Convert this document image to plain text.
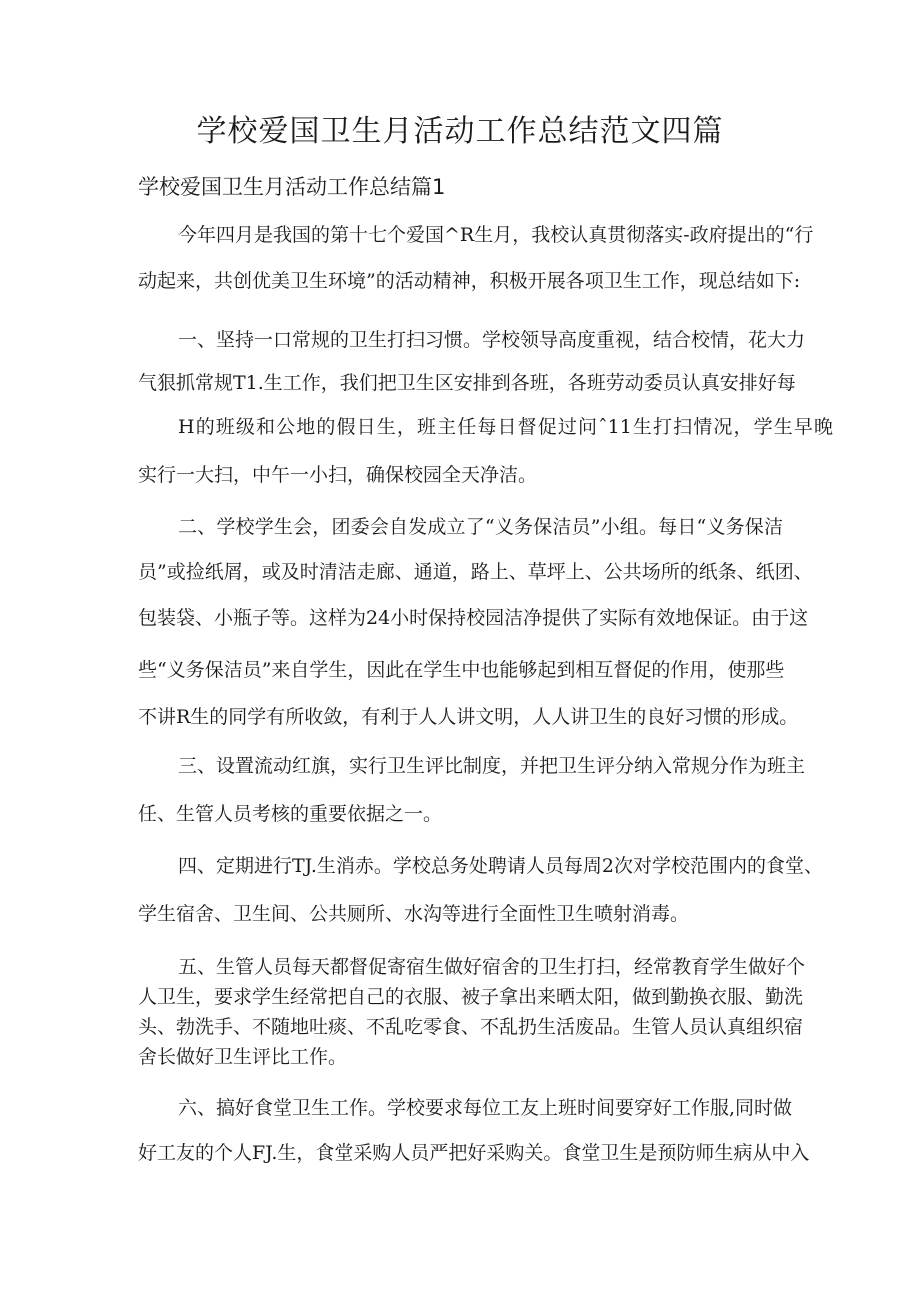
学校爱国卫生月活动工作总结范文四篇
学校爱国卫生月活动工作总结篇1
今年四月是我国的第十七个爱国^R生月，我校认真贯彻落实-政府提出的“行
动起来，共创优美卫生环境”的活动精神，积极开展各项卫生工作，现总结如下:
一、坚持一口常规的卫生打扫习惯。学校领导高度重视，结合校情，花大力
气狠抓常规T1.生工作，我们把卫生区安排到各班，各班劳动委员认真安排好每
H的班级和公地的假日生，班主任每日督促过问ˆ11生打扫情况，学生早晚
实行一大扫，中午一小扫，确保校园全天净洁。
二、学校学生会，团委会自发成立了“义务保洁员”小组。每日“义务保洁
员”或捡纸屑，或及时清洁走廊、通道，路上、草坪上、公共场所的纸条、纸团、
包装袋、小瓶子等。这样为24小时保持校园洁净提供了实际有效地保证。由于这
些“义务保洁员”来自学生，因此在学生中也能够起到相互督促的作用，使那些
不讲R生的同学有所收敛，有利于人人讲文明，人人讲卫生的良好习惯的形成。
三、设置流动红旗，实行卫生评比制度，并把卫生评分纳入常规分作为班主
任、生管人员考核的重要依据之一。
四、定期进行TJ.生消赤。学校总务处聘请人员每周2次对学校范围内的食堂、
学生宿舍、卫生间、公共厕所、水沟等进行全面性卫生喷射消毒。
五、生管人员每天都督促寄宿生做好宿舍的卫生打扫，经常教育学生做好个
人卫生，要求学生经常把自己的衣服、被子拿出来晒太阳，做到勤换衣服、勤洗
头、勃洗手、不随地吐痰、不乱吃零食、不乱扔生活废品。生管人员认真组织宿
舍长做好卫生评比工作。
六、搞好食堂卫生工作。学校要求每位工友上班时间要穿好工作服,同时做
好工友的个人FJ.生，食堂采购人员严把好采购关。食堂卫生是预防师生病从中入
